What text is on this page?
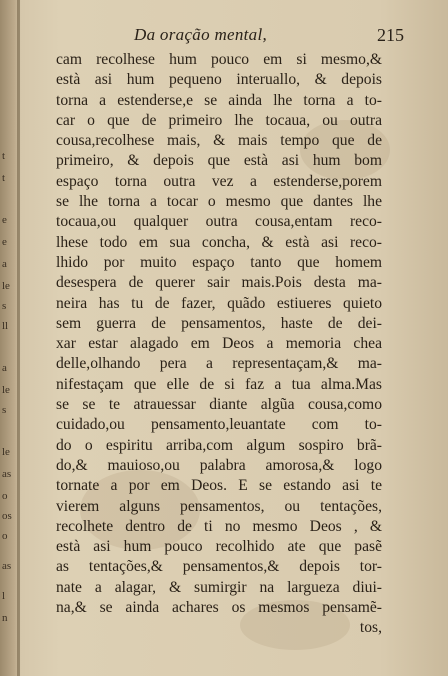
t
t
e
e
a
le
s
ll
a
le
s
le
as
o
os
o
as
l
n
Da oração mental,	215
cam recolhese hum pouco em si mesmo,&
està asi hum pequeno interuallo, & depois
torna a estenderse,e se ainda lhe torna a to-
car o que de primeiro lhe tocaua, ou outra
cousa,recolhese mais, & mais tempo que de
primeiro, & depois que està asi hum bom
espaço torna outra vez a estenderse,porem
se lhe torna a tocar o mesmo que dantes lhe
tocaua,ou qualquer outra cousa,entam reco-
lhese todo em sua concha, & està asi reco-
lhido por muito espaço tanto que homem
desespera de querer sair mais.Pois desta ma-
neira has tu de fazer, quãdo estiueres quieto
sem guerra de pensamentos, haste de dei-
xar estar alagado em Deos a memoria chea
delle,olhando pera a representaçam,& ma-
nifestaçam que elle de si faz a tua alma.Mas
se se te atrauessar diante algũa cousa,como
cuidado,ou pensamento,leuantate com to-
do o espiritu arriba,com algum sospiro brã-
do,& mauioso,ou palabra amorosa,& logo
tornate a por em Deos. E se estando asi te
vierem alguns pensamentos, ou tentações,
recolhete dentro de ti no mesmo Deos , &
està asi hum pouco recolhido ate que pasẽ
as tentações,& pensamentos,& depois tor-
nate a alagar, & sumirgir na largueza diui-
na,& se ainda achares os mesmos pensamẽ-
tos,
